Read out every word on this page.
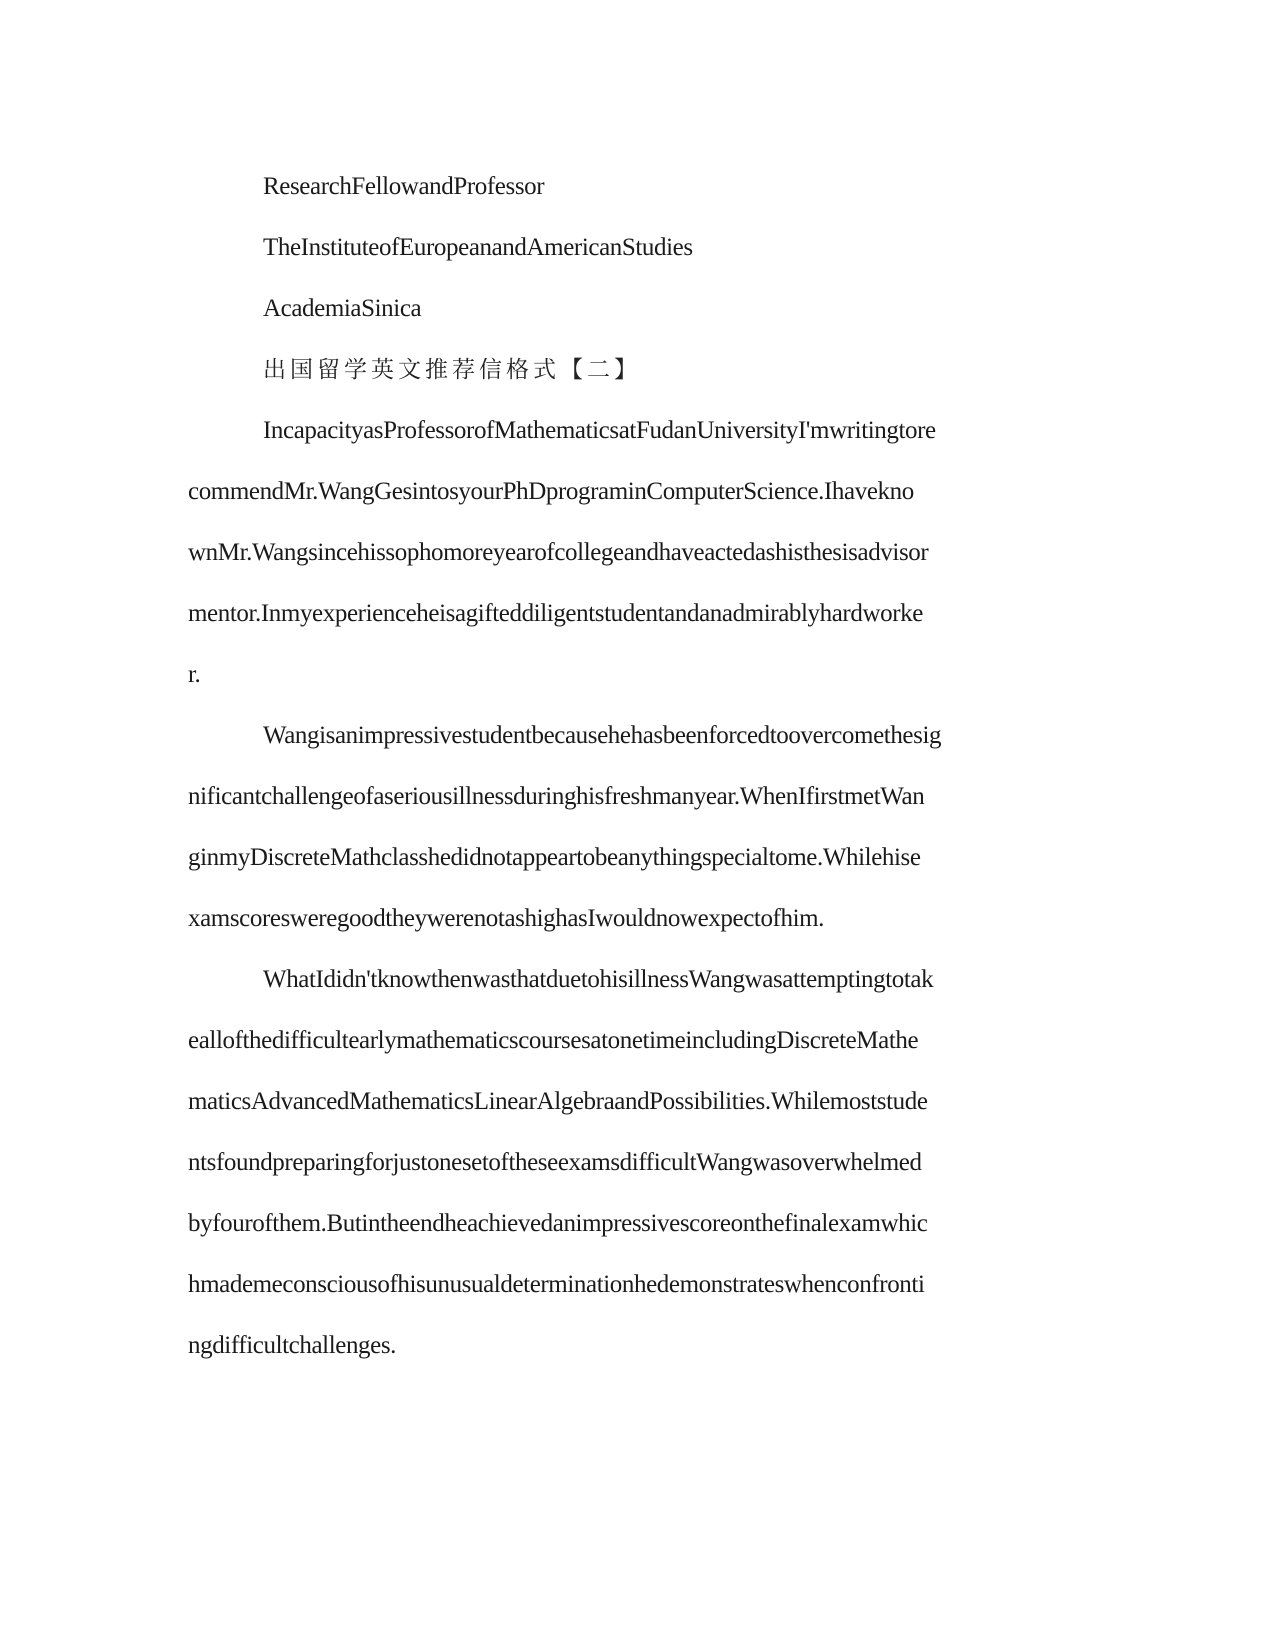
ResearchFellowandProfessor
TheInstituteofEuropeanandAmericanStudies
AcademiaSinica
出国留学英文推荐信格式【二】
IncapacityasProfessorofMathematicsatFudanUniversityI'mwritingtore
commendMr.WangGesintosyourPhDprograminComputerScience.Ihavekno
wnMr.Wangsincehissophomoreyearofcollegeandhaveactedashisthesisadvisor
mentor.Inmyexperienceheisagifteddiligentstudentandanadmirablyhardworke
r.
Wangisanimpressivestudentbecausehehasbeenforcedtoovercomethesig
nificantchallengeofaseriousillnessduringhisfreshmanyear.WhenIfirstmetWan
ginmyDiscreteMathclasshedidnotappeartobeanythingspecialtome.Whilehise
xamscoresweregoodtheywerenotashighasIwouldnowexpectofhim.
WhatIdidn'tknowthenwasthatduetohisillnessWangwasattemptingtotak
eallofthedifficultearlymathematicscoursesatonetimeincludingDiscreteMathe
maticsAdvancedMathematicsLinearAlgebraandPossibilities.Whilemoststude
ntsfoundpreparingforjustonesetoftheseexamsdifficultWangwasoverwhelmed
byfourofthem.Butintheendheachievedanimpressivescoreonthefinalexamwhic
hmademeconsciousofhisunusualdeterminationhedemonstrateswhenconfronti
ngdifficultchallenges.
